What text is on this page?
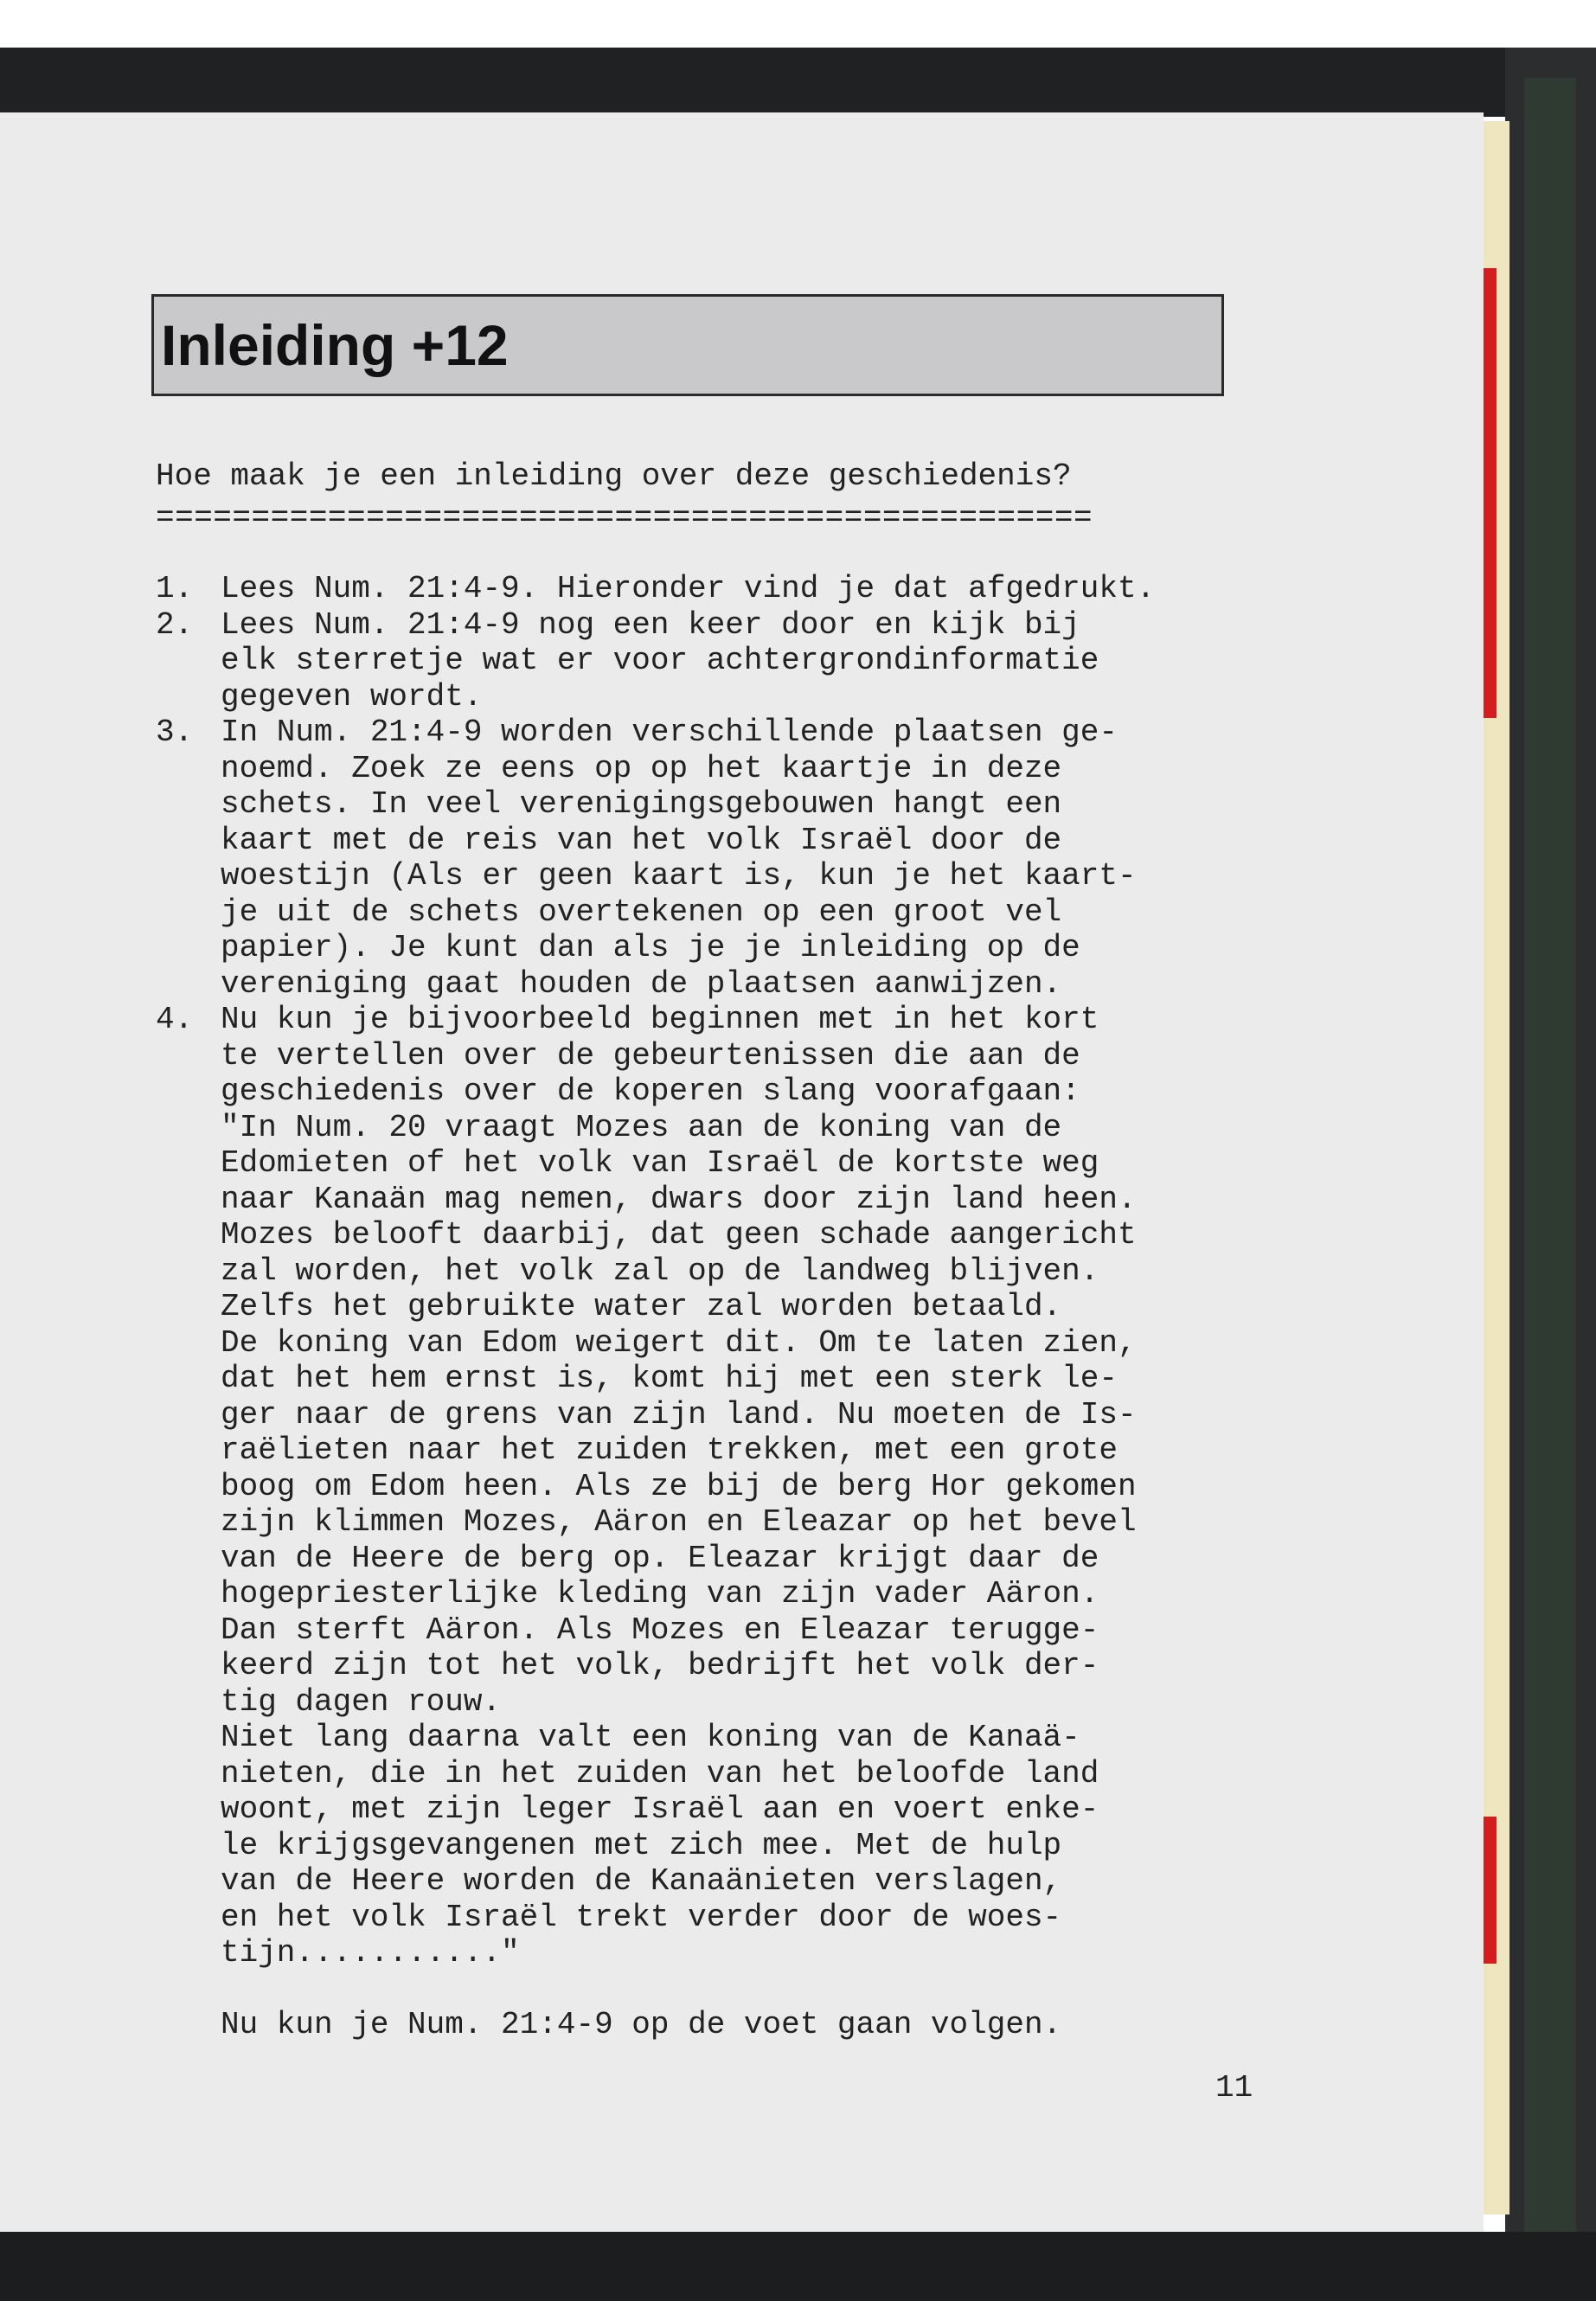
Inleiding +12
Hoe maak je een inleiding over deze geschiedenis?
=================================================
1. Lees Num. 21:4-9. Hieronder vind je dat afgedrukt.
2. Lees Num. 21:4-9 nog een keer door en kijk bij
elk sterretje wat er voor achtergrondinformatie
gegeven wordt.
3. In Num. 21:4-9 worden verschillende plaatsen ge-
noemd. Zoek ze eens op op het kaartje in deze
schets. In veel verenigingsgebouwen hangt een
kaart met de reis van het volk Israël door de
woestijn (Als er geen kaart is, kun je het kaart-
je uit de schets overtekenen op een groot vel
papier). Je kunt dan als je je inleiding op de
vereniging gaat houden de plaatsen aanwijzen.
4. Nu kun je bijvoorbeeld beginnen met in het kort
te vertellen over de gebeurtenissen die aan de
geschiedenis over de koperen slang voorafgaan:
"In Num. 20 vraagt Mozes aan de koning van de
Edomieten of het volk van Israël de kortste weg
naar Kanaän mag nemen, dwars door zijn land heen.
Mozes belooft daarbij, dat geen schade aangericht
zal worden, het volk zal op de landweg blijven.
Zelfs het gebruikte water zal worden betaald.
De koning van Edom weigert dit. Om te laten zien,
dat het hem ernst is, komt hij met een sterk le-
ger naar de grens van zijn land. Nu moeten de Is-
raëlieten naar het zuiden trekken, met een grote
boog om Edom heen. Als ze bij de berg Hor gekomen
zijn klimmen Mozes, Aäron en Eleazar op het bevel
van de Heere de berg op. Eleazar krijgt daar de
hogepriesterlijke kleding van zijn vader Aäron.
Dan sterft Aäron. Als Mozes en Eleazar terugge-
keerd zijn tot het volk, bedrijft het volk der-
tig dagen rouw.
Niet lang daarna valt een koning van de Kanaä-
nieten, die in het zuiden van het beloofde land
woont, met zijn leger Israël aan en voert enke-
le krijgsgevangenen met zich mee. Met de hulp
van de Heere worden de Kanaänieten verslagen,
en het volk Israël trekt verder door de woes-
tijn..........."
Nu kun je Num. 21:4-9 op de voet gaan volgen.
11
